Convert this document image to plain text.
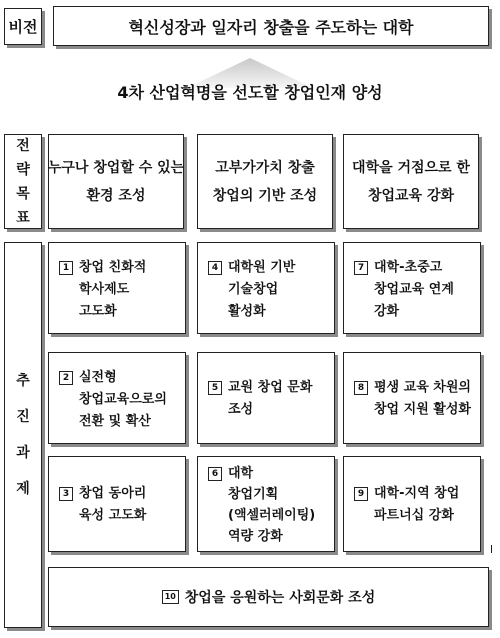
비전	혁신성장과 일자리 창출을 주도하는 대학
4차 산업혁명을 선도할 창업인재 양성
전
략
목
표
누구나 창업할 수 있는
환경 조성
고부가가치 창출
창업의 기반 조성
대학을 거점으로 한
창업교육 강화
추
진
과
제
1 창업 친화적
학사제도
고도화
4 대학원 기반
기술창업
활성화
7 대학-초중고
창업교육 연계
강화
2 실전형
창업교육으로의
전환 및 확산
5 교원 창업 문화
조성
8 평생 교육 차원의
창업 지원 활성화
3 창업 동아리
육성 고도화
6 대학
창업기획
(액셀러레이팅)
역량 강화
9 대학-지역 창업
파트너십 강화
10 창업을 응원하는 사회문화 조성
